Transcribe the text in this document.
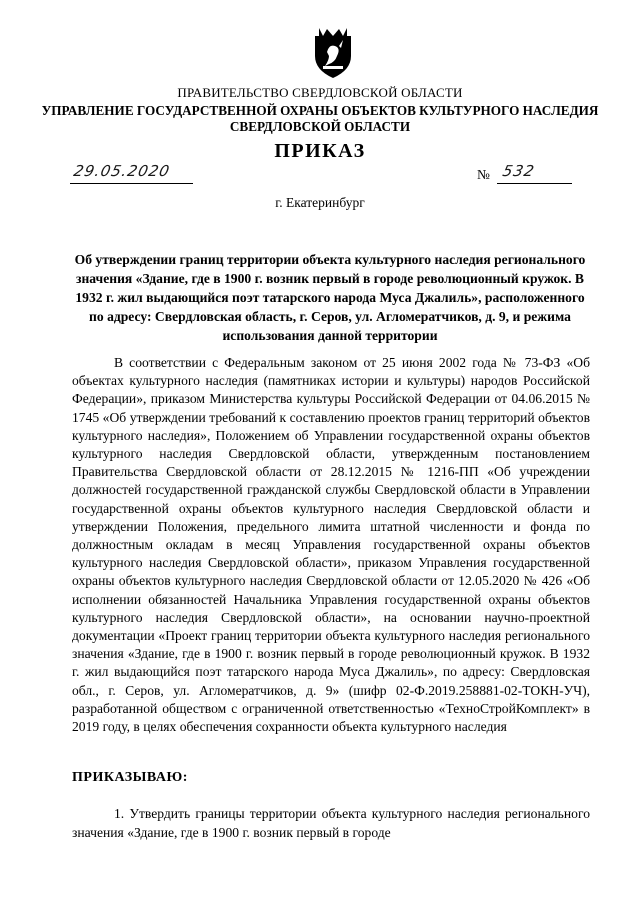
ПРАВИТЕЛЬСТВО СВЕРДЛОВСКОЙ ОБЛАСТИ
УПРАВЛЕНИЕ ГОСУДАРСТВЕННОЙ ОХРАНЫ ОБЪЕКТОВ КУЛЬТУРНОГО НАСЛЕДИЯ
СВЕРДЛОВСКОЙ ОБЛАСТИ
ПРИКАЗ
29.05.2020	№ 532
г. Екатеринбург
Об утверждении границ территории объекта культурного наследия регионального значения «Здание, где в 1900 г. возник первый в городе революционный кружок. В 1932 г. жил выдающийся поэт татарского народа Муса Джалиль», расположенного по адресу: Свердловская область, г. Серов, ул. Агломератчиков, д. 9, и режима использования данной территории
В соответствии с Федеральным законом от 25 июня 2002 года № 73-ФЗ «Об объектах культурного наследия (памятниках истории и культуры) народов Российской Федерации», приказом Министерства культуры Российской Федерации от 04.06.2015 № 1745 «Об утверждении требований к составлению проектов границ территорий объектов культурного наследия», Положением об Управлении государственной охраны объектов культурного наследия Свердловской области, утвержденным постановлением Правительства Свердловской области от 28.12.2015 № 1216-ПП «Об учреждении должностей государственной гражданской службы Свердловской области в Управлении государственной охраны объектов культурного наследия Свердловской области и утверждении Положения, предельного лимита штатной численности и фонда по должностным окладам в месяц Управления государственной охраны объектов культурного наследия Свердловской области», приказом Управления государственной охраны объектов культурного наследия Свердловской области от 12.05.2020 № 426 «Об исполнении обязанностей Начальника Управления государственной охраны объектов культурного наследия Свердловской области», на основании научно-проектной документации «Проект границ территории объекта культурного наследия регионального значения «Здание, где в 1900 г. возник первый в городе революционный кружок. В 1932 г. жил выдающийся поэт татарского народа Муса Джалиль», по адресу: Свердловская обл., г. Серов, ул. Агломератчиков, д. 9» (шифр 02-Ф.2019.258881-02-ТОКН-УЧ), разработанной обществом с ограниченной ответственностью «ТехноСтройКомплект» в 2019 году, в целях обеспечения сохранности объекта культурного наследия
ПРИКАЗЫВАЮ:
1. Утвердить границы территории объекта культурного наследия регионального значения «Здание, где в 1900 г. возник первый в городе
